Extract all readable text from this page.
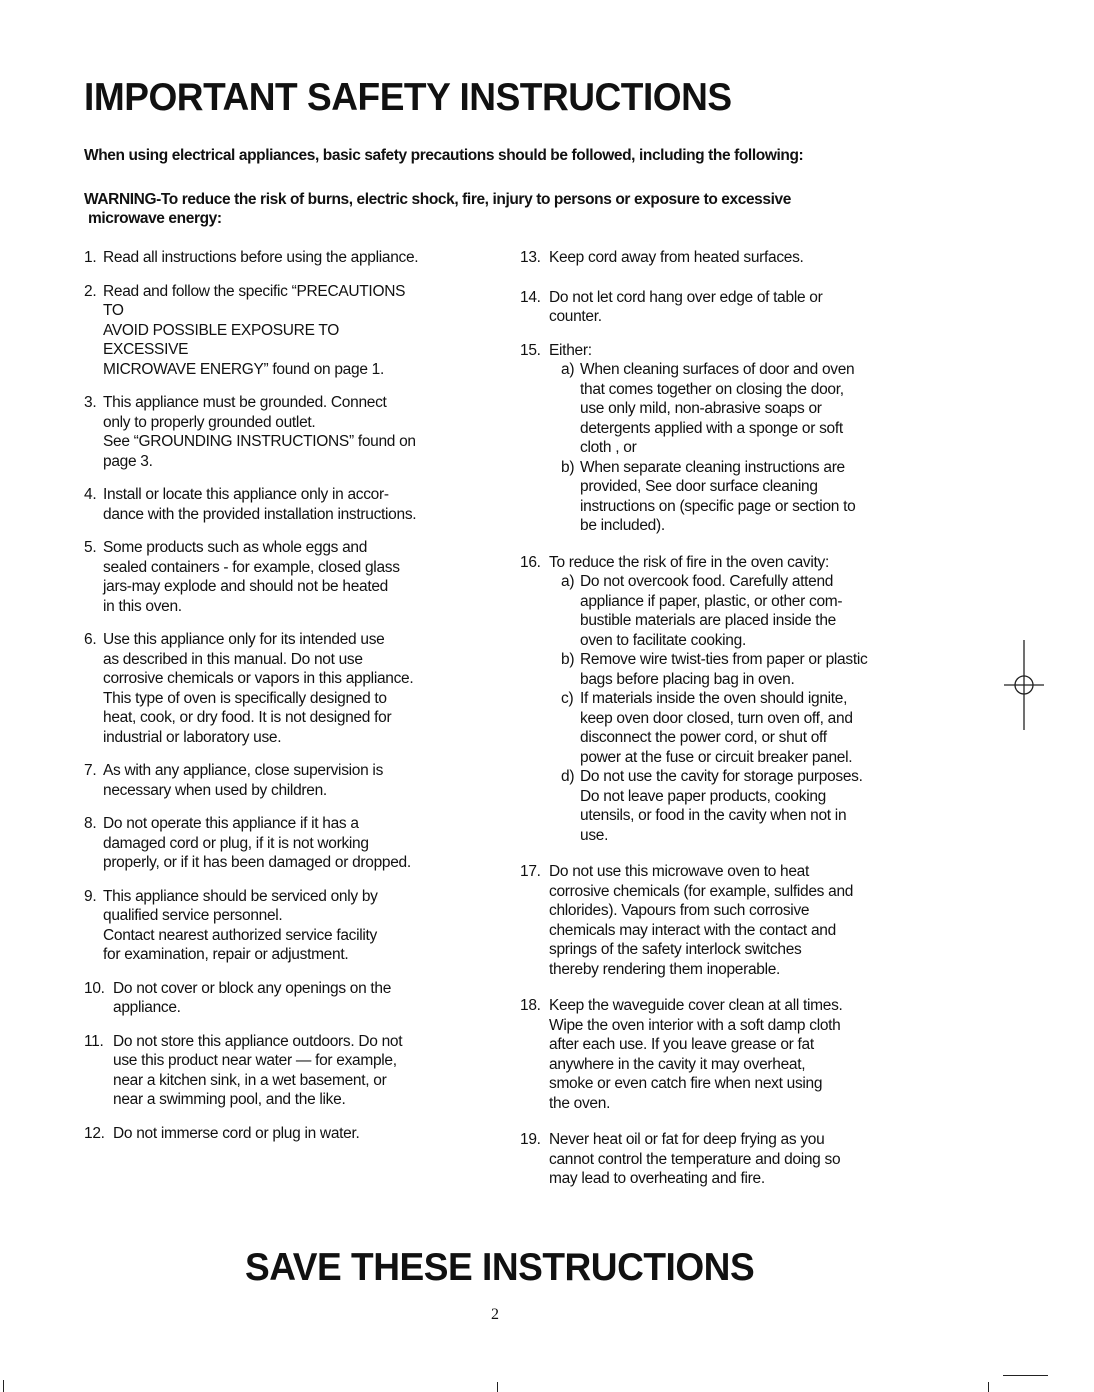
IMPORTANT SAFETY INSTRUCTIONS

When using electrical appliances, basic safety precautions should be followed, including the following:

WARNING-To reduce the risk of burns, electric shock, fire, injury to persons or exposure to excessive
microwave energy:

1. Read all instructions before using the appliance.
2. Read and follow the specific “PRECAUTIONS
TO
AVOID POSSIBLE EXPOSURE TO
EXCESSIVE
MICROWAVE ENERGY” found on page 1.
3. This appliance must be grounded. Connect
only to properly grounded outlet.
See “GROUNDING INSTRUCTIONS” found on
page 3.
4. Install or locate this appliance only in accor-
dance with the provided installation instructions.
5. Some products such as whole eggs and
sealed containers - for example, closed glass
jars-may explode and should not be heated
in this oven.
6. Use this appliance only for its intended use
as described in this manual. Do not use
corrosive chemicals or vapors in this appliance.
This type of oven is specifically designed to
heat, cook, or dry food. It is not designed for
industrial or laboratory use.
7. As with any appliance, close supervision is
necessary when used by children.
8. Do not operate this appliance if it has a
damaged cord or plug, if it is not working
properly, or if it has been damaged or dropped.
9. This appliance should be serviced only by
qualified service personnel.
Contact nearest authorized service facility
for examination, repair or adjustment.
10. Do not cover or block any openings on the
appliance.
11. Do not store this appliance outdoors. Do not
use this product near water — for example,
near a kitchen sink, in a wet basement, or
near a swimming pool, and the like.
12. Do not immerse cord or plug in water.
13. Keep cord away from heated surfaces.
14. Do not let cord hang over edge of table or
counter.
15. Either:
a) When cleaning surfaces of door and oven
that comes together on closing the door,
use only mild, non-abrasive soaps or
detergents applied with a sponge or soft
cloth , or
b) When separate cleaning instructions are
provided, See door surface cleaning
instructions on (specific page or section to
be included).
16. To reduce the risk of fire in the oven cavity:
a) Do not overcook food. Carefully attend
appliance if paper, plastic, or other com-
bustible materials are placed inside the
oven to facilitate cooking.
b) Remove wire twist-ties from paper or plastic
bags before placing bag in oven.
c) If materials inside the oven should ignite,
keep oven door closed, turn oven off, and
disconnect the power cord, or shut off
power at the fuse or circuit breaker panel.
d) Do not use the cavity for storage purposes.
Do not leave paper products, cooking
utensils, or food in the cavity when not in
use.
17. Do not use this microwave oven to heat
corrosive chemicals (for example, sulfides and
chlorides). Vapours from such corrosive
chemicals may interact with the contact and
springs of the safety interlock switches
thereby rendering them inoperable.
18. Keep the waveguide cover clean at all times.
Wipe the oven interior with a soft damp cloth
after each use. If you leave grease or fat
anywhere in the cavity it may overheat,
smoke or even catch fire when next using
the oven.
19. Never heat oil or fat for deep frying as you
cannot control the temperature and doing so
may lead to overheating and fire.
SAVE THESE INSTRUCTIONS
2
